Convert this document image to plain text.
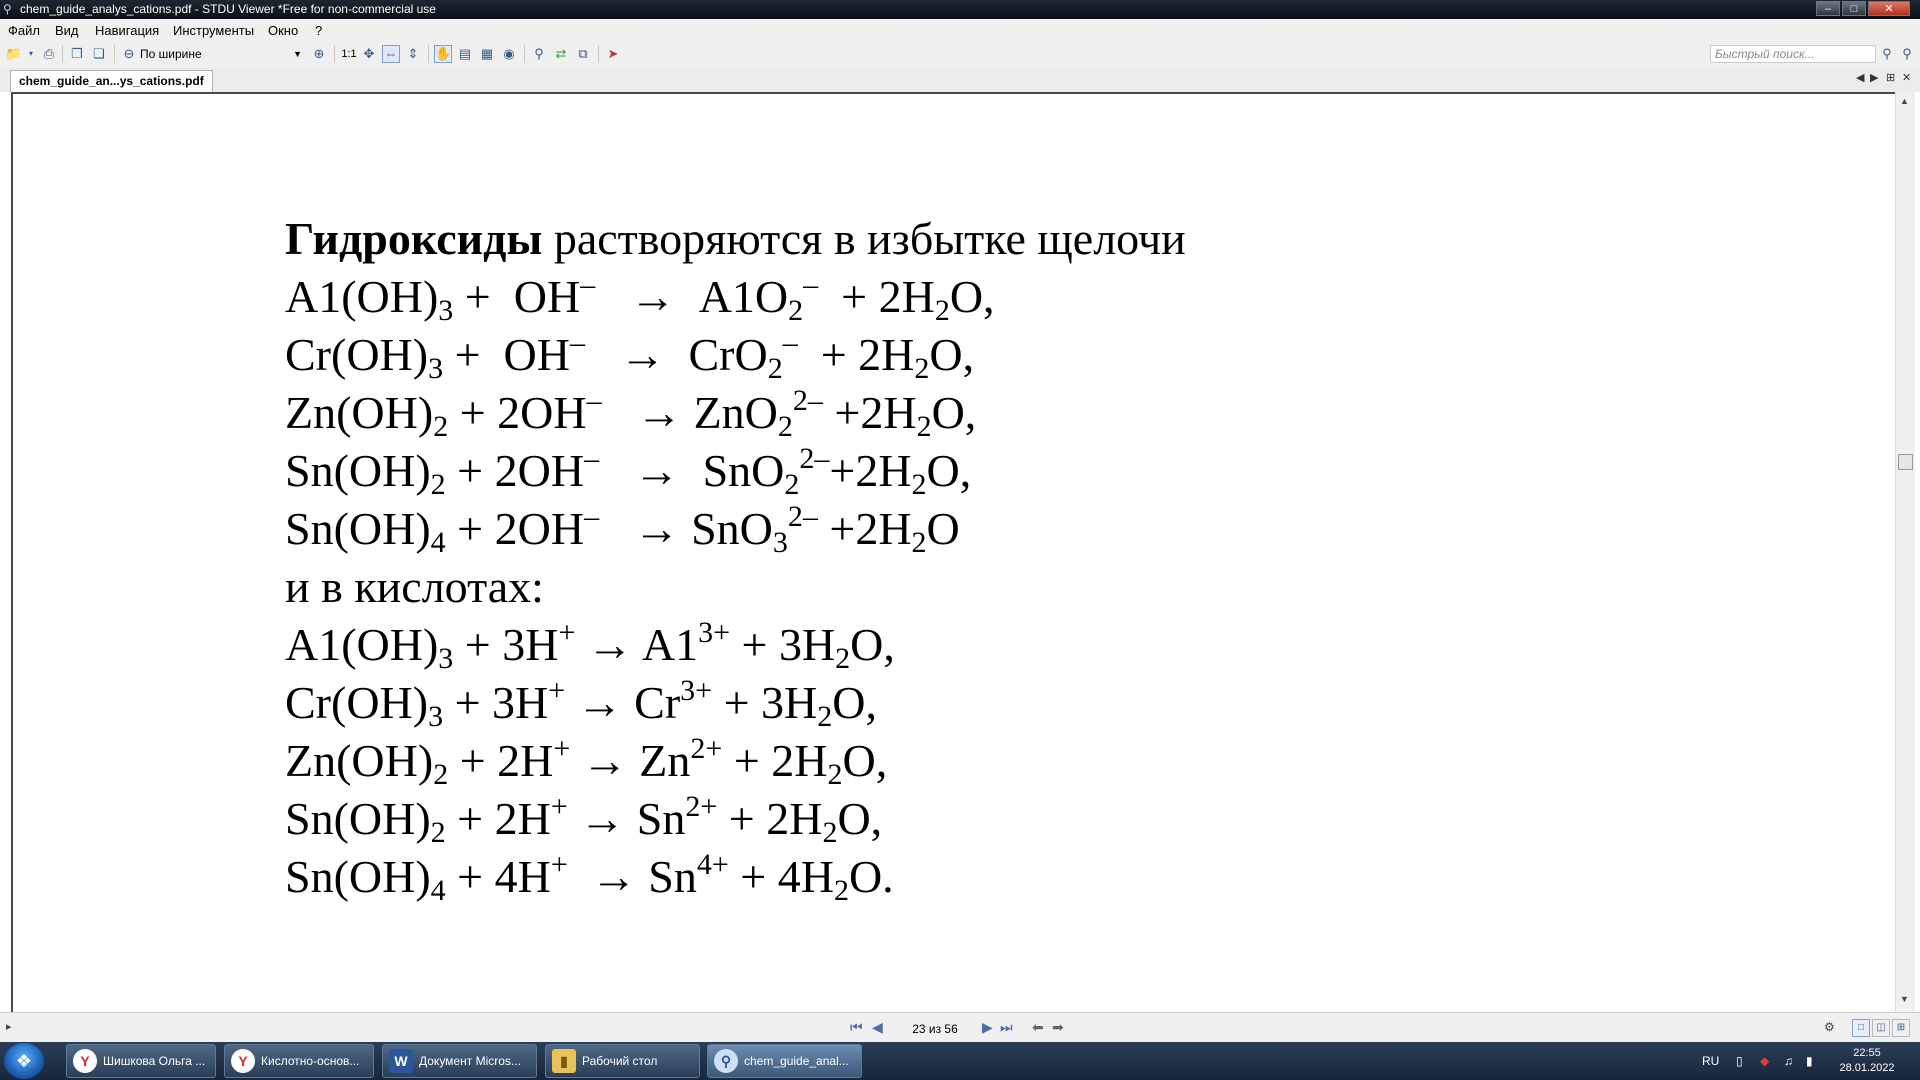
⚲ chem_guide_analys_cations.pdf - STDU Viewer *Free for non-commercial use	–	□	✕
Файл Вид Навигация Инструменты Окно ?
📁 ▾ ⎙ ❐ ❏ ⊖ По ширине	▼ ⊕	1:1 ✥ ⇔ ⇕ ✋ ▤ ▦ ◉	⚲ ⇄ ⧉	➤	Быстрый поиск...	⚲ ⚲
chem_guide_an...ys_cations.pdf	◀ ▶ ⊞ ✕
Гидроксиды растворяются в избытке щелочи
$A1(OH)_3 + OH^- \to A1O_2^- + 2H_2O$,
$Cr(OH)_3 + OH^- \to CrO_2^- + 2H_2O$,
$Zn(OH)_2 + 2OH^- \to ZnO_2^{2-} +2H_2O$,
$Sn(OH)_2 + 2OH^- \to SnO_2^{2-}+2H_2O$,
$Sn(OH)_4 + 2OH^- \to SnO_3^{2-} +2H_2O$
и в кислотах:
$A1(OH)_3 + 3H^+ \to A1^{3+} + 3H_2O$,
$Cr(OH)_3 + 3H^+ \to Cr^{3+} + 3H_2O$,
$Zn(OH)_2 + 2H^+ \to Zn^{2+} + 2H_2O$,
$Sn(OH)_2 + 2H^+ \to Sn^{2+} + 2H_2O$,
$Sn(OH)_4 + 4H^+ \to Sn^{4+} + 4H_2O$.
▲
▼
▸	⏮ ◀	23 из 56	▶ ⏭ ⬅ ➡	⚙	□	◫	⊞
❖	Y Шишкова Ольга ...	Y Кислотно-основ...	W Документ Micros...	▮ Рабочий стол	⚲ chem_guide_anal...	RU ▯ ◆ ♫ ▮
22:55
28.01.2022
